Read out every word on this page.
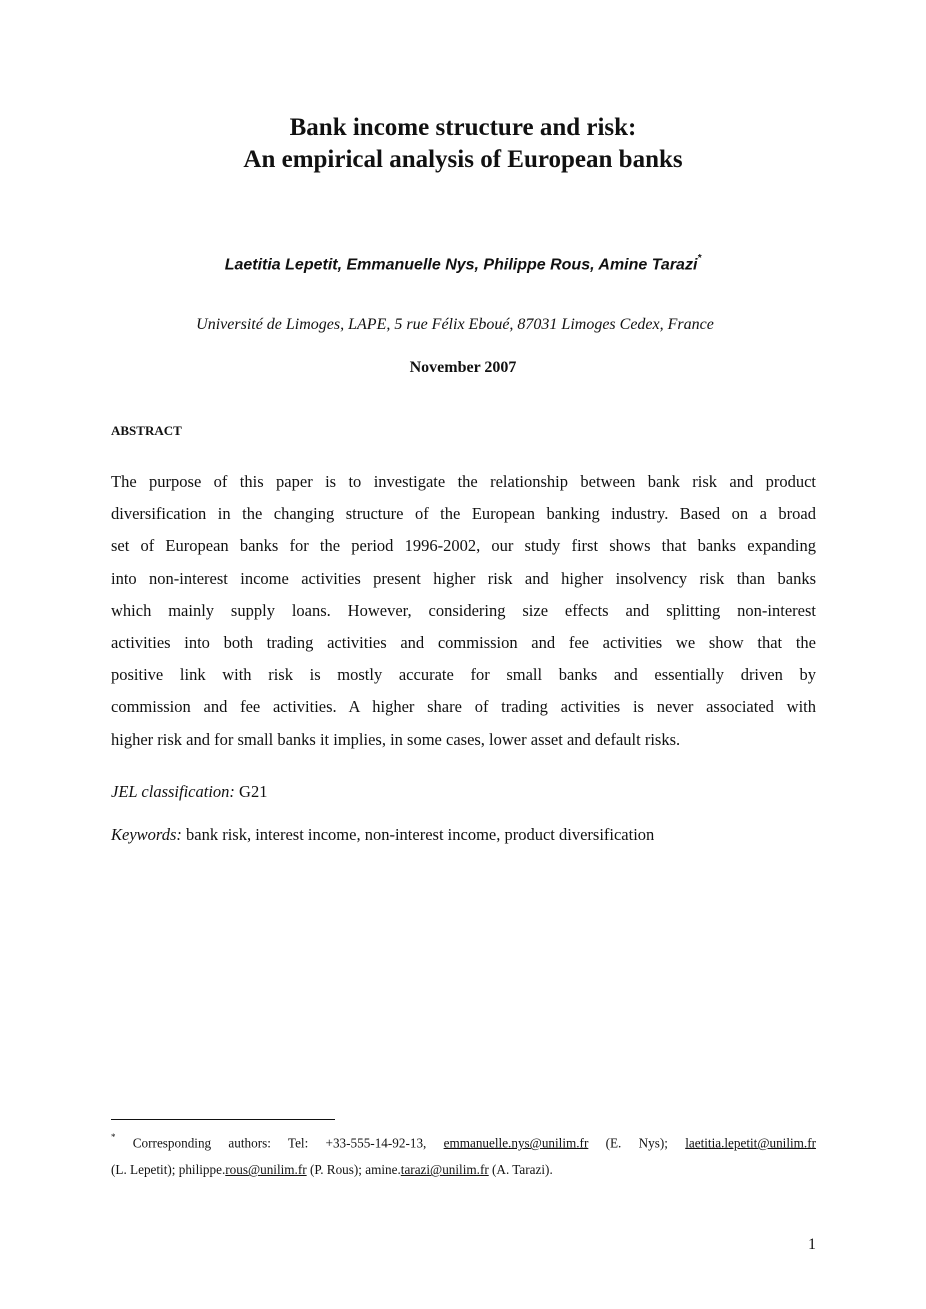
Bank income structure and risk:
An empirical analysis of European banks
Laetitia Lepetit, Emmanuelle Nys, Philippe Rous, Amine Tarazi*
Université de Limoges, LAPE, 5 rue Félix Eboué, 87031 Limoges Cedex, France
November 2007
ABSTRACT
The purpose of this paper is to investigate the relationship between bank risk and product
diversification in the changing structure of the European banking industry. Based on a broad
set of European banks for the period 1996-2002, our study first shows that banks expanding
into non-interest income activities present higher risk and higher insolvency risk than banks
which mainly supply loans. However, considering size effects and splitting non-interest
activities into both trading activities and commission and fee activities we show that the
positive link with risk is mostly accurate for small banks and essentially driven by
commission and fee activities. A higher share of trading activities is never associated with
higher risk and for small banks it implies, in some cases, lower asset and default risks.
JEL classification: G21
Keywords: bank risk, interest income, non-interest income, product diversification
* Corresponding authors: Tel: +33-555-14-92-13, emmanuelle.nys@unilim.fr (E. Nys); laetitia.lepetit@unilim.fr
(L. Lepetit); philippe.rous@unilim.fr (P. Rous); amine.tarazi@unilim.fr (A. Tarazi).
1
